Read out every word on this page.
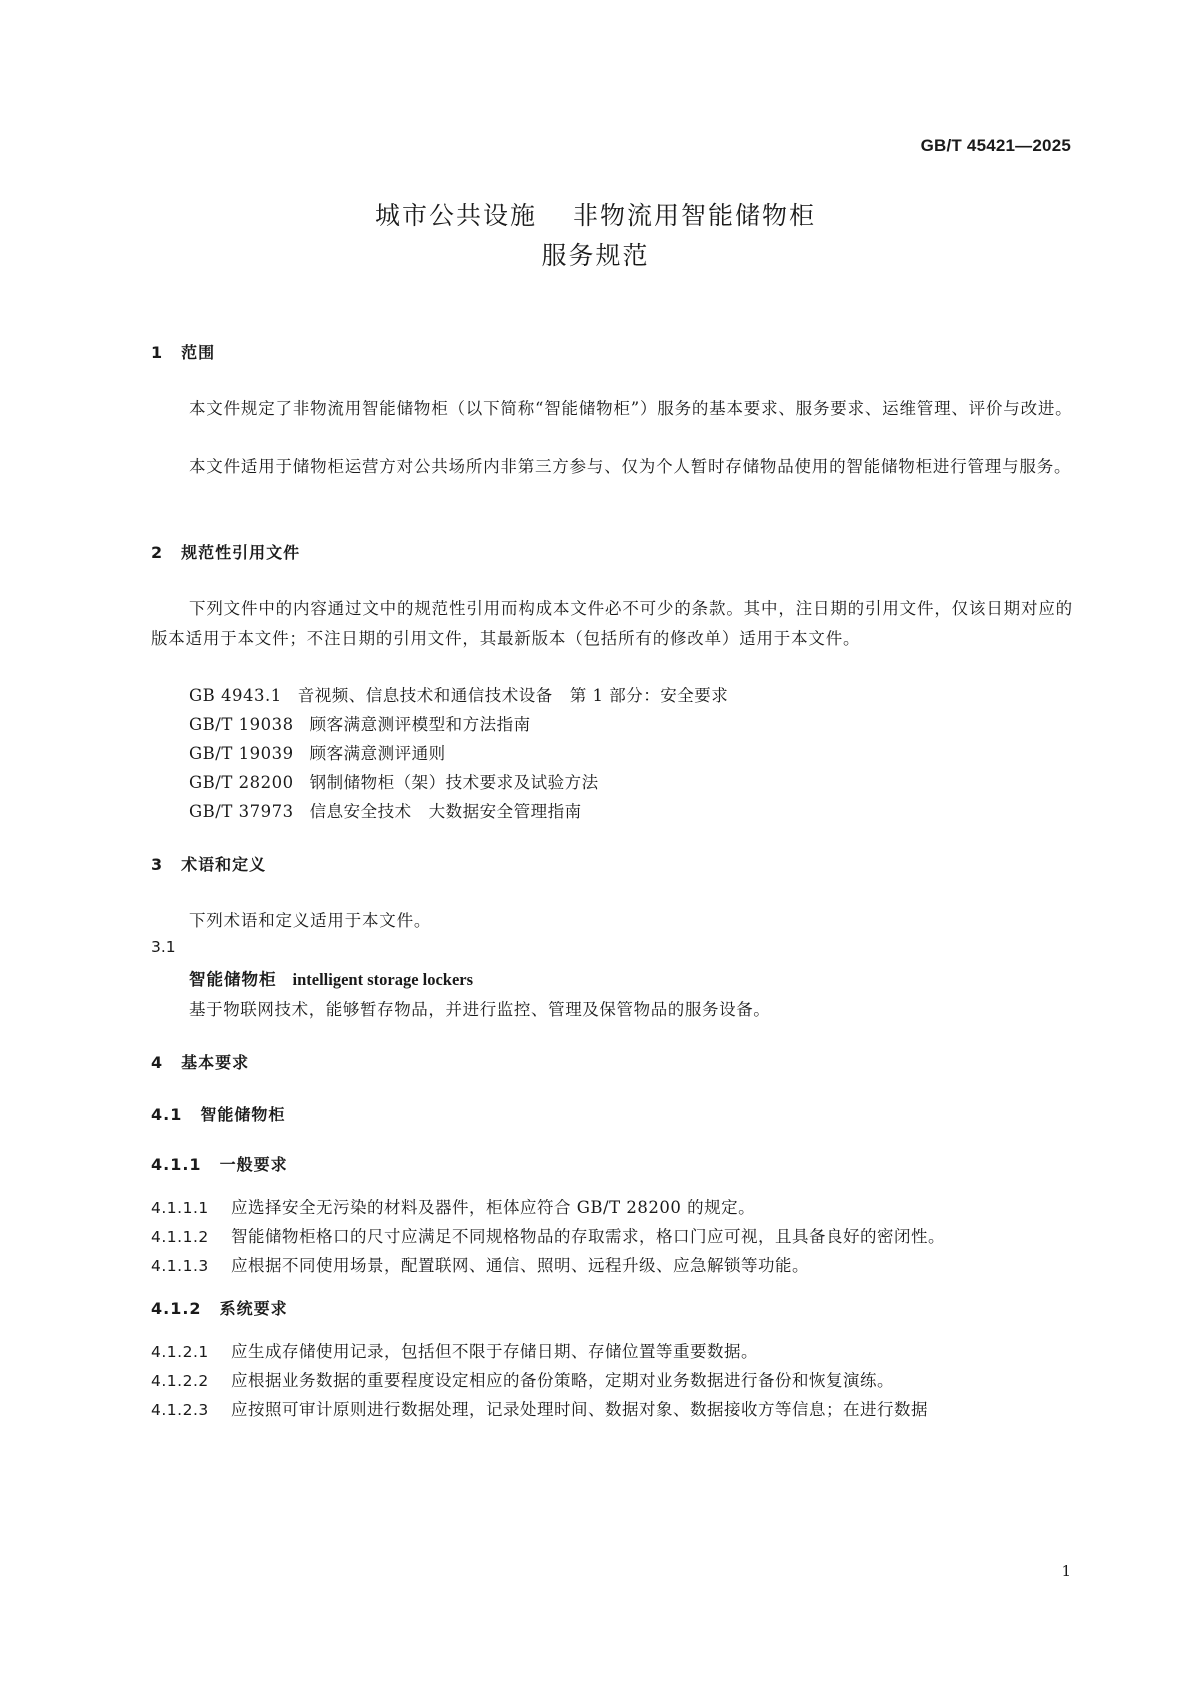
GB/T 45421—2025
城市公共设施 非物流用智能储物柜
服务规范
1 范围
本文件规定了非物流用智能储物柜（以下简称“智能储物柜”）服务的基本要求、服务要求、运维管理、评价与改进。
本文件适用于储物柜运营方对公共场所内非第三方参与、仅为个人暂时存储物品使用的智能储物柜进行管理与服务。
2 规范性引用文件
下列文件中的内容通过文中的规范性引用而构成本文件必不可少的条款。其中，注日期的引用文件，仅该日期对应的版本适用于本文件；不注日期的引用文件，其最新版本（包括所有的修改单）适用于本文件。
GB 4943.1 音视频、信息技术和通信技术设备　第 1 部分：安全要求
GB/T 19038 顾客满意测评模型和方法指南
GB/T 19039 顾客满意测评通则
GB/T 28200 钢制储物柜（架）技术要求及试验方法
GB/T 37973 信息安全技术　大数据安全管理指南
3 术语和定义
下列术语和定义适用于本文件。
3.1
智能储物柜 intelligent storage lockers
基于物联网技术，能够暂存物品，并进行监控、管理及保管物品的服务设备。
4 基本要求
4.1 智能储物柜
4.1.1 一般要求
4.1.1.1 应选择安全无污染的材料及器件，柜体应符合 GB/T 28200 的规定。
4.1.1.2 智能储物柜格口的尺寸应满足不同规格物品的存取需求，格口门应可视，且具备良好的密闭性。
4.1.1.3 应根据不同使用场景，配置联网、通信、照明、远程升级、应急解锁等功能。
4.1.2 系统要求
4.1.2.1 应生成存储使用记录，包括但不限于存储日期、存储位置等重要数据。
4.1.2.2 应根据业务数据的重要程度设定相应的备份策略，定期对业务数据进行备份和恢复演练。
4.1.2.3 应按照可审计原则进行数据处理，记录处理时间、数据对象、数据接收方等信息；在进行数据
1
